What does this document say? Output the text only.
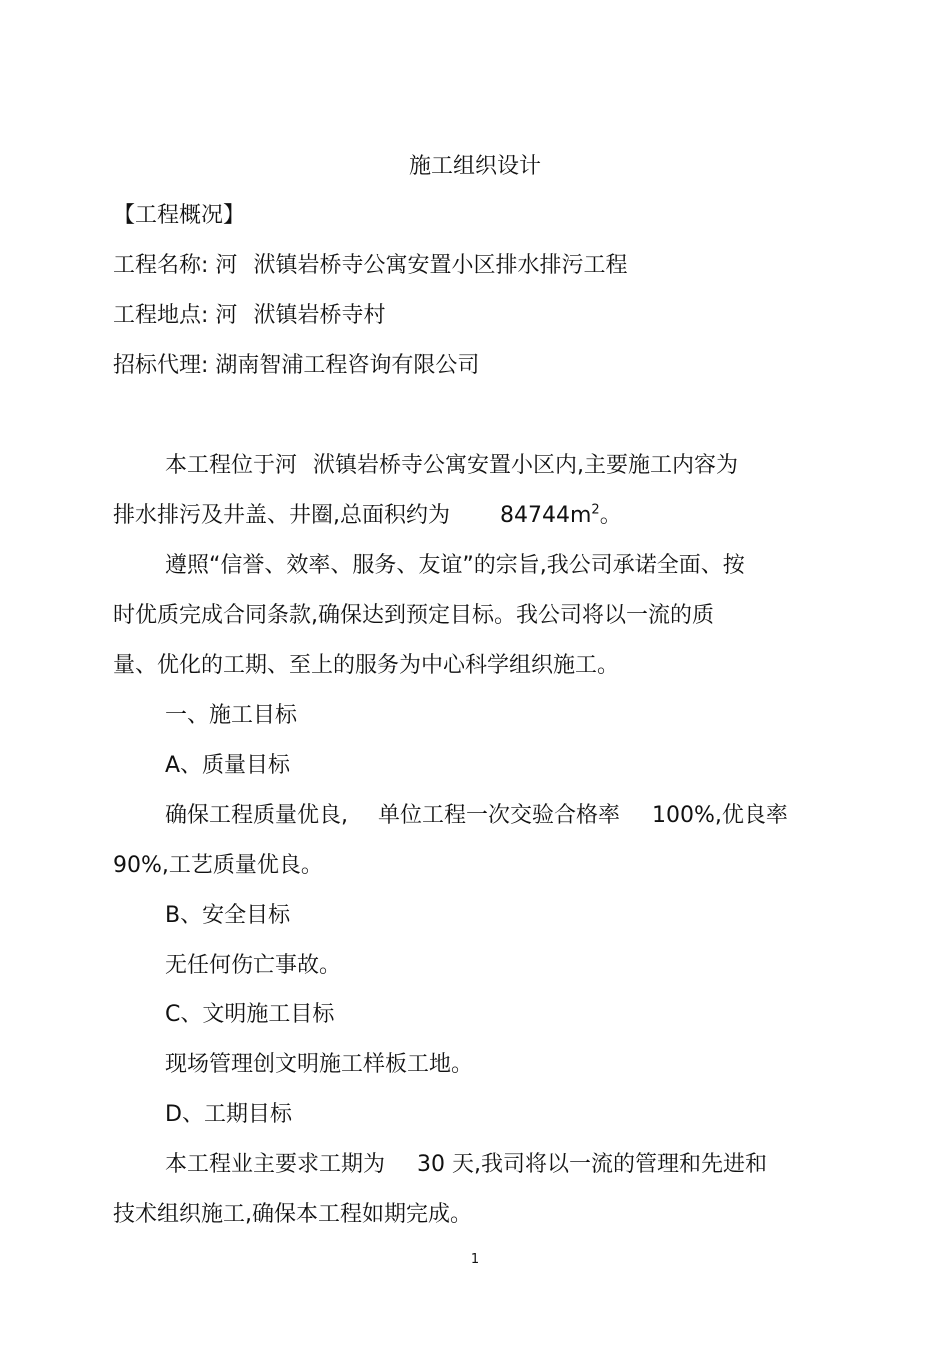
施工组织设计

【工程概况】

工程名称: 河 洑镇岩桥寺公寓安置小区排水排污工程

工程地点: 河 洑镇岩桥寺村

招标代理: 湖南智浦工程咨询有限公司

本工程位于河 洑镇岩桥寺公寓安置小区内,主要施工内容为

排水排污及井盖、井圈,总面积约为 $84744m^2$。

遵照“信誉、效率、服务、友谊”的宗旨,我公司承诺全面、按

时优质完成合同条款,确保达到预定目标。我公司将以一流的质

量、优化的工期、至上的服务为中心科学组织施工。

一、施工目标

A、质量目标

确保工程质量优良, 单位工程一次交验合格率 100%,优良率

90%,工艺质量优良。

B、安全目标

无任何伤亡事故。

C、文明施工目标

现场管理创文明施工样板工地。

D、工期目标

本工程业主要求工期为 30 天,我司将以一流的管理和先进和

技术组织施工,确保本工程如期完成。

1
